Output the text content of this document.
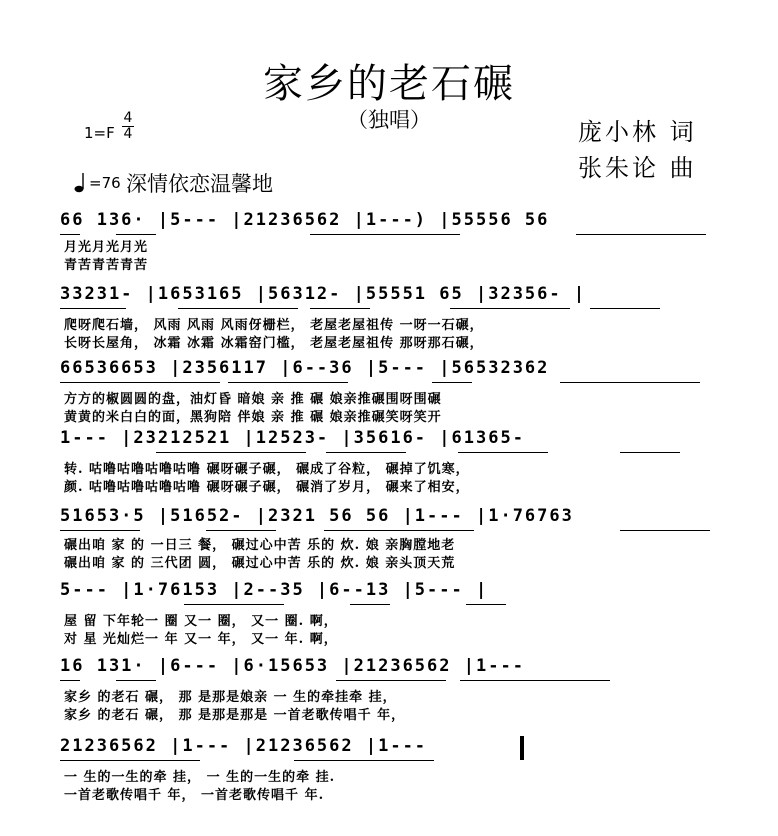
家乡的老石碾
（独唱）
1=F
4
4	庞小林 词
张朱论 曲
=76 深情依恋温馨地
66 136· |5--- |21236562 |1---) |55556 56
月光月光月光
青苦青苦青苦
33231- |1653165 |56312- |55551 65 |32356- |
爬呀爬石墙， 风雨 风雨 风雨伢栅栏， 老屋老屋祖传 一呀一石碾，
长呀长屋角， 冰霜 冰霜 冰霜窑门槛， 老屋老屋祖传 那呀那石碾，
66536653 |2356117 |6--36 |5--- |56532362
方方的椒圆圆的盘，油灯昏 暗娘 亲 推 碾 娘亲推碾围呀围碾
黄黄的米白白的面，黑狗陪 伴娘 亲 推 碾 娘亲推碾笑呀笑开
1--- |23212521 |12523- |35616- |61365-
转. 咕噜咕噜咕噜咕噜 碾呀碾子碾， 碾成了谷粒， 碾掉了饥寒，
颜. 咕噜咕噜咕噜咕噜 碾呀碾子碾， 碾消了岁月， 碾来了相安，
51653·5 |51652- |2321 56 56 |1--- |1·76763
碾出咱 家 的 一日三 餐， 碾过心中苦 乐的 炊. 娘 亲胸膛地老
碾出咱 家 的 三代团 圆， 碾过心中苦 乐的 炊. 娘 亲头顶天荒
5--- |1·76153 |2--35 |6--13 |5--- |
屋 留 下年轮一 圈 又一 圈， 又一 圈. 啊，
对 星 光灿烂一 年 又一 年， 又一 年. 啊，
16 131· |6--- |6·15653 |21236562 |1---
家乡 的老石 碾， 那 是那是娘亲 一 生的牵挂牵 挂，
家乡 的老石 碾， 那 是那是那是 一首老歌传唱千 年，
21236562 |1--- |21236562 |1---
一 生的一生的牵 挂， 一 生的一生的牵 挂.
一首老歌传唱千 年， 一首老歌传唱千 年.
